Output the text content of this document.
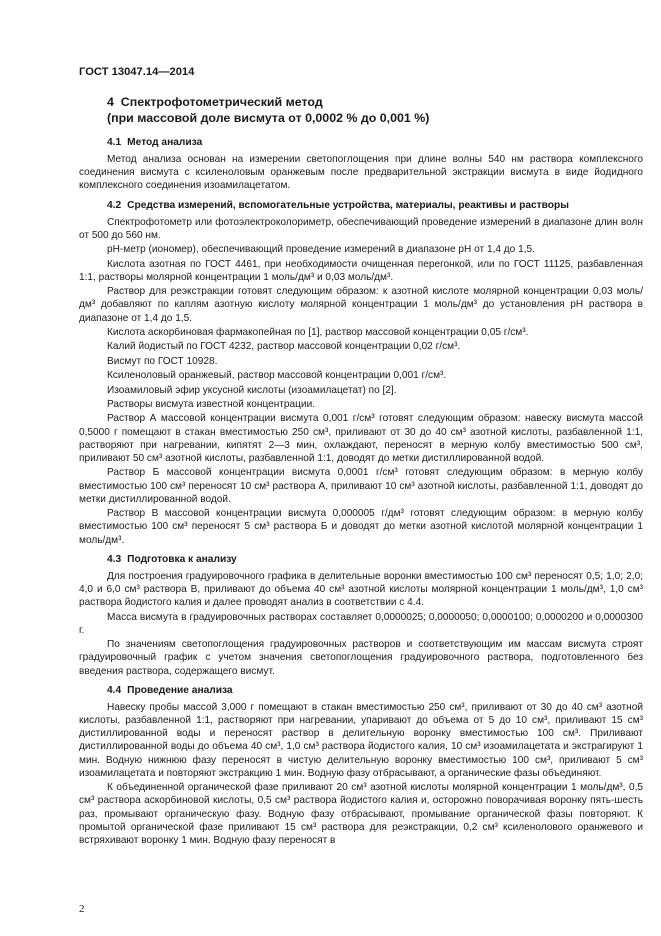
ГОСТ 13047.14—2014
4 Спектрофотометрический метод
(при массовой доле висмута от 0,0002 % до 0,001 %)
4.1 Метод анализа

Метод анализа основан на измерении светопоглощения при длине волны 540 нм раствора комплексного соединения висмута с ксиленоловым оранжевым после предварительной экстракции висмута в виде йодидного комплексного соединения изоамилацетатом.

4.2 Средства измерений, вспомогательные устройства, материалы, реактивы и растворы

Спектрофотометр или фотоэлектроколориметр, обеспечивающий проведение измерений в диапазоне длин волн от 500 до 560 нм.

pH-метр (иономер), обеспечивающий проведение измерений в диапазоне pH от 1,4 до 1,5.

Кислота азотная по ГОСТ 4461, при необходимости очищенная перегонкой, или по ГОСТ 11125, разбавленная 1:1, растворы молярной концентрации 1 моль/дм³ и 0,03 моль/дм³.

Раствор для реэкстракции готовят следующим образом: к азотной кислоте молярной концентрации 0,03 моль/дм³ добавляют по каплям азотную кислоту молярной концентрации 1 моль/дм³ до установления pH раствора в диапазоне от 1,4 до 1,5.

Кислота аскорбиновая фармакопейная по [1], раствор массовой концентрации 0,05 г/см³.

Калий йодистый по ГОСТ 4232, раствор массовой концентрации 0,02 г/см³.

Висмут по ГОСТ 10928.

Ксиленоловый оранжевый, раствор массовой концентрации 0,001 г/см³.

Изоамиловый эфир уксусной кислоты (изоамилацетат) по [2].

Растворы висмута известной концентрации.

Раствор А массовой концентрации висмута 0,001 г/см³ готовят следующим образом: навеску висмута массой 0,5000 г помещают в стакан вместимостью 250 см³, приливают от 30 до 40 см³ азотной кислоты, разбавленной 1:1, растворяют при нагревании, кипятят 2—3 мин, охлаждают, переносят в мерную колбу вместимостью 500 см³, приливают 50 см³ азотной кислоты, разбавленной 1:1, доводят до метки дистиллированной водой.

Раствор Б массовой концентрации висмута 0,0001 г/см³ готовят следующим образом: в мерную колбу вместимостью 100 см³ переносят 10 см³ раствора А, приливают 10 см³ азотной кислоты, разбавленной 1:1, доводят до метки дистиллированной водой.

Раствор В массовой концентрации висмута 0,000005 г/дм³ готовят следующим образом: в мерную колбу вместимостью 100 см³ переносят 5 см³ раствора Б и доводят до метки азотной кислотой молярной концентрации 1 моль/дм³.

4.3 Подготовка к анализу

Для построения градуировочного графика в делительные воронки вместимостью 100 см³ переносят 0,5; 1,0; 2,0; 4,0 и 6,0 см³ раствора В, приливают до объема 40 см³ азотной кислоты молярной концентрации 1 моль/дм³, 1,0 см³ раствора йодистого калия и далее проводят анализ в соответствии с 4.4.

Масса висмута в градуировочных растворах составляет 0,0000025; 0,0000050; 0,0000100; 0,0000200 и 0,0000300 г.

По значениям светопоглощения градуировочных растворов и соответствующим им массам висмута строят градуировочный график с учетом значения светопоглощения градуировочного раствора, подготовленного без введения раствора, содержащего висмут.

4.4 Проведение анализа

Навеску пробы массой 3,000 г помещают в стакан вместимостью 250 см³, приливают от 30 до 40 см³ азотной кислоты, разбавленной 1:1, растворяют при нагревании, упаривают до объема от 5 до 10 см³, приливают 15 см³ дистиллированной воды и переносят раствор в делительную воронку вместимостью 100 см³. Приливают дистиллированной воды до объема 40 см³, 1,0 см³ раствора йодистого калия, 10 см³ изоамилацетата и экстрагируют 1 мин. Водную нижнюю фазу переносят в чистую делительную воронку вместимостью 100 см³, приливают 5 см³ изоамилацетата и повторяют экстракцию 1 мин. Водную фазу отбрасывают, а органические фазы объединяют.

К объединенной органической фазе приливают 20 см³ азотной кислоты молярной концентрации 1 моль/дм³, 0,5 см³ раствора аскорбиновой кислоты, 0,5 см³ раствора йодистого калия и, осторожно поворачивая воронку пять-шесть раз, промывают органическую фазу. Водную фазу отбрасывают, промывание органической фазы повторяют. К промытой органической фазе приливают 15 см³ раствора для реэкстракции, 0,2 см³ ксиленолового оранжевого и встряхивают воронку 1 мин. Водную фазу переносят в

2
